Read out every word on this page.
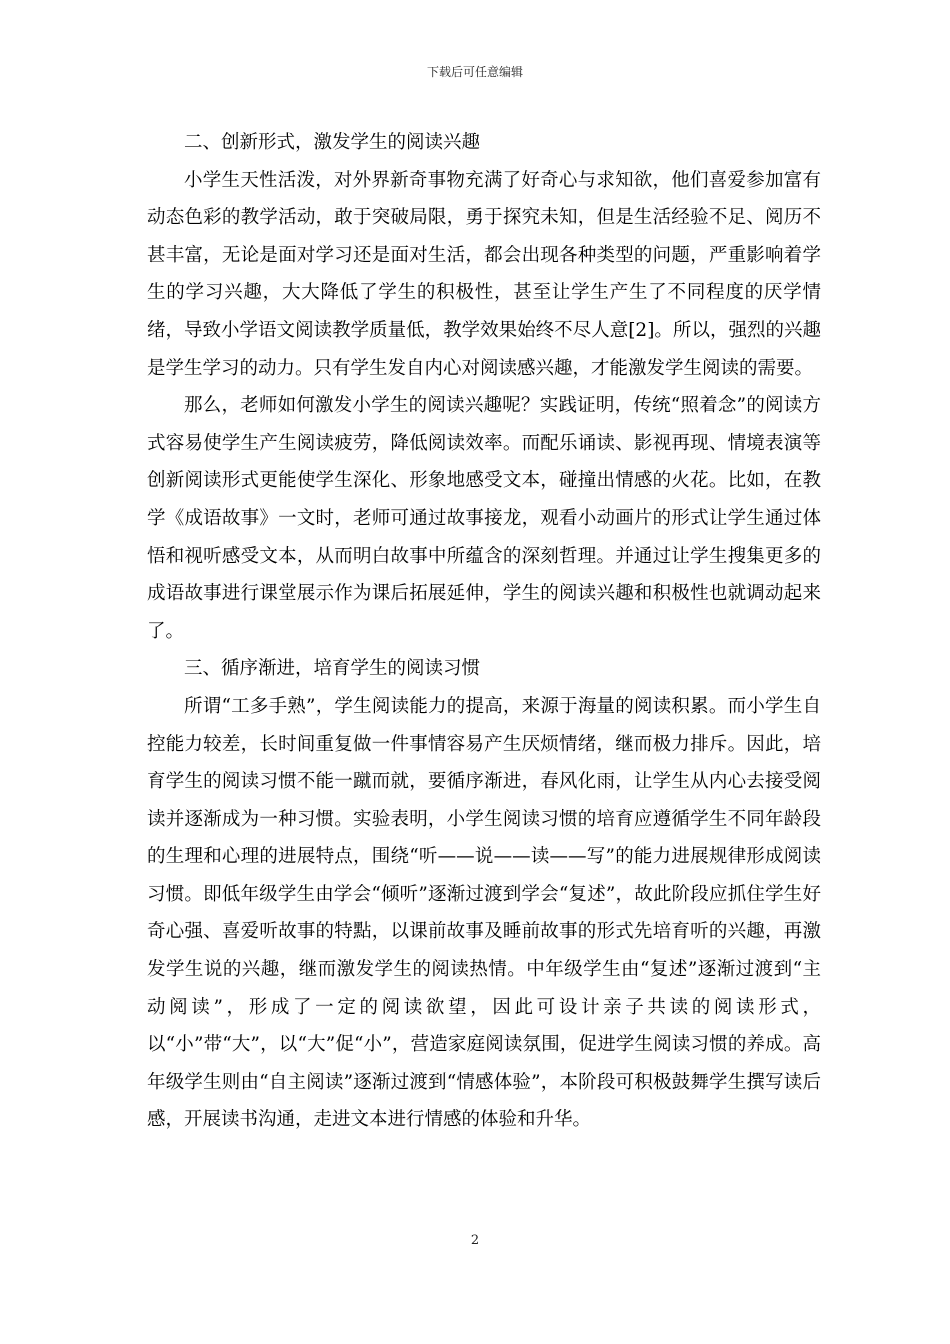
下载后可任意编辑

二、创新形式，激发学生的阅读兴趣

小学生天性活泼，对外界新奇事物充满了好奇心与求知欲，他们喜爱参加富有动态色彩的教学活动，敢于突破局限，勇于探究未知，但是生活经验不足、阅历不甚丰富，无论是面对学习还是面对生活，都会出现各种类型的问题，严重影响着学生的学习兴趣，大大降低了学生的积极性，甚至让学生产生了不同程度的厌学情绪，导致小学语文阅读教学质量低，教学效果始终不尽人意[2]。所以，强烈的兴趣是学生学习的动力。只有学生发自内心对阅读感兴趣，才能激发学生阅读的需要。

那么，老师如何激发小学生的阅读兴趣呢？实践证明，传统“照着念”的阅读方式容易使学生产生阅读疲劳，降低阅读效率。而配乐诵读、影视再现、情境表演等创新阅读形式更能使学生深化、形象地感受文本，碰撞出情感的火花。比如，在教学《成语故事》一文时，老师可通过故事接龙，观看小动画片的形式让学生通过体悟和视听感受文本，从而明白故事中所蕴含的深刻哲理。并通过让学生搜集更多的成语故事进行课堂展示作为课后拓展延伸，学生的阅读兴趣和积极性也就调动起来了。

三、循序渐进，培育学生的阅读习惯

所谓“工多手熟”，学生阅读能力的提高，来源于海量的阅读积累。而小学生自控能力较差，长时间重复做一件事情容易产生厌烦情绪，继而极力排斥。因此，培育学生的阅读习惯不能一蹴而就，要循序渐进，春风化雨，让学生从内心去接受阅读并逐渐成为一种习惯。实验表明，小学生阅读习惯的培育应遵循学生不同年龄段的生理和心理的进展特点，围绕“听——说——读——写”的能力进展规律形成阅读习惯。即低年级学生由学会“倾听”逐渐过渡到学会“复述”，故此阶段应抓住学生好奇心强、喜爱听故事的特點，以课前故事及睡前故事的形式先培育听的兴趣，再激发学生说的兴趣，继而激发学生的阅读热情。中年级学生由“复述”逐渐过渡到“主动阅读”，形成了一定的阅读欲望，因此可设计亲子共读的阅读形式，以“小”带“大”，以“大”促“小”，营造家庭阅读氛围，促进学生阅读习惯的养成。高年级学生则由“自主阅读”逐渐过渡到“情感体验”，本阶段可积极鼓舞学生撰写读后感，开展读书沟通，走进文本进行情感的体验和升华。

2
